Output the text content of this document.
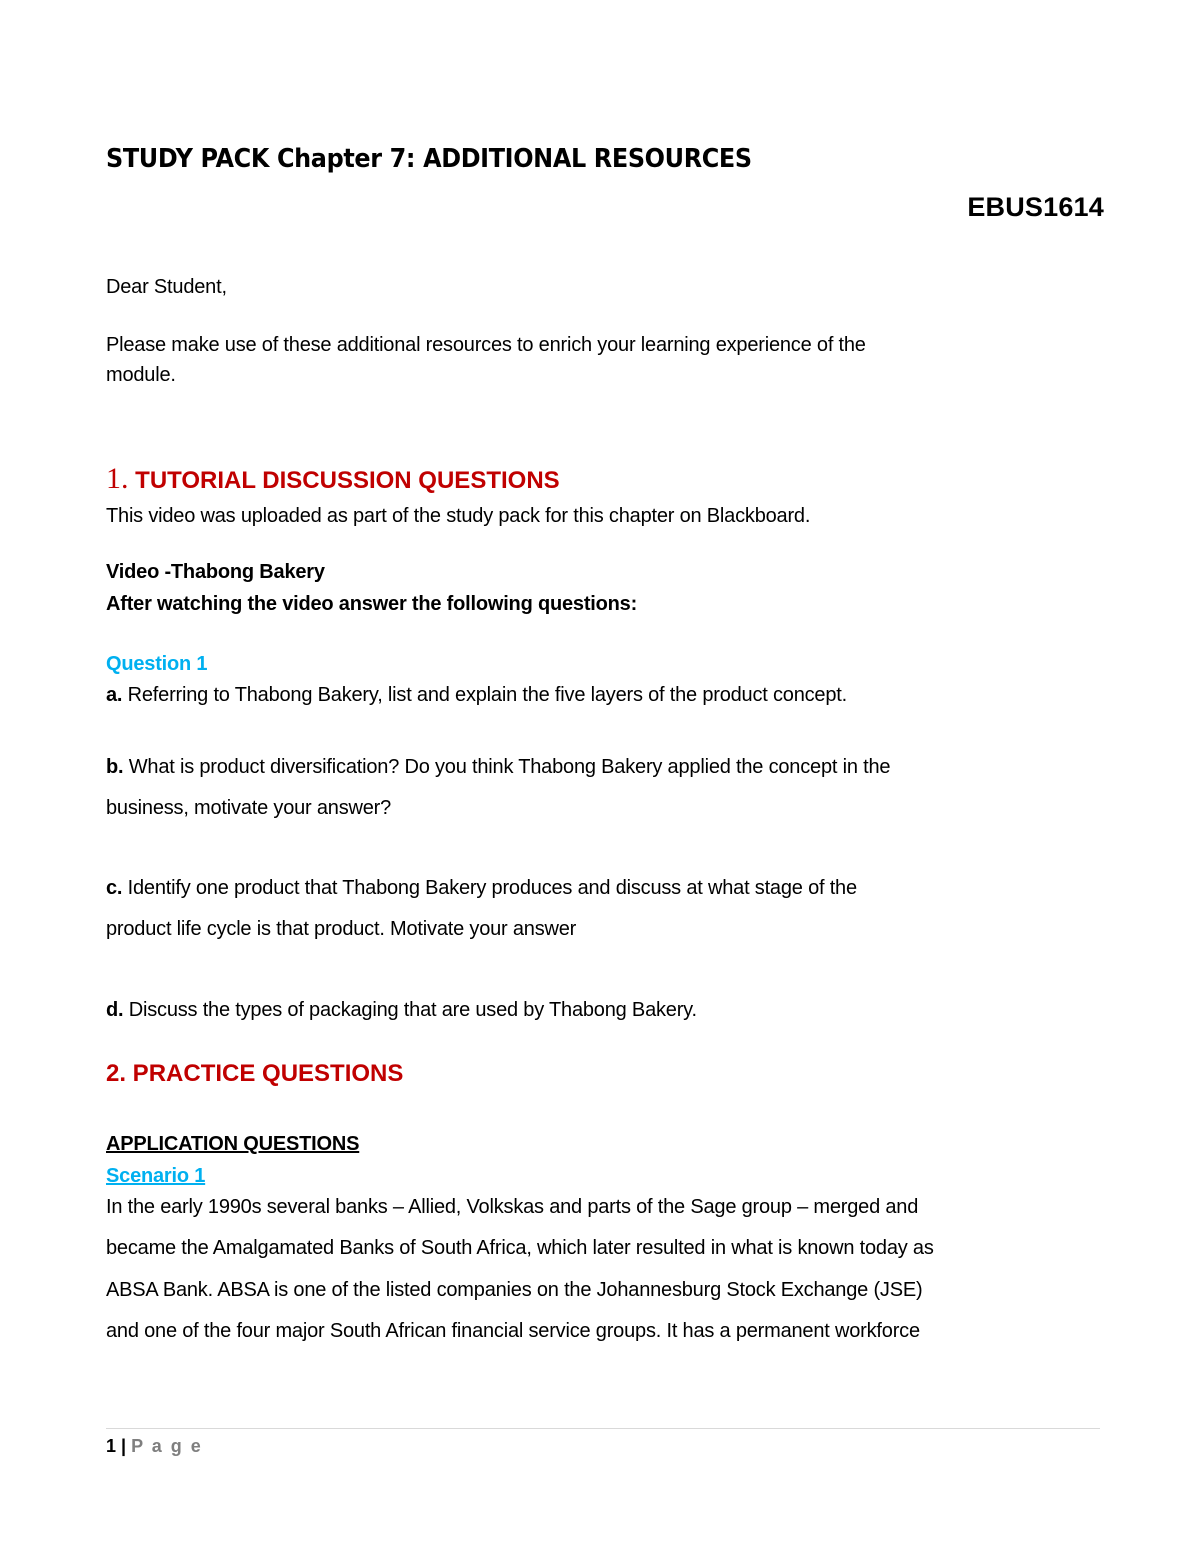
STUDY PACK Chapter 7: ADDITIONAL RESOURCES
EBUS1614

Dear Student,

Please make use of these additional resources to enrich your learning experience of the

module.

1. TUTORIAL DISCUSSION QUESTIONS

This video was uploaded as part of the study pack for this chapter on Blackboard.

Video -Thabong Bakery

After watching the video answer the following questions:

Question 1

a. Referring to Thabong Bakery, list and explain the five layers of the product concept.

b. What is product diversification? Do you think Thabong Bakery applied the concept in the

business, motivate your answer?

c. Identify one product that Thabong Bakery produces and discuss at what stage of the

product life cycle is that product. Motivate your answer

d. Discuss the types of packaging that are used by Thabong Bakery.

2. PRACTICE QUESTIONS

APPLICATION QUESTIONS

Scenario 1

In the early 1990s several banks – Allied, Volkskas and parts of the Sage group – merged and

became the Amalgamated Banks of South Africa, which later resulted in what is known today as

ABSA Bank. ABSA is one of the listed companies on the Johannesburg Stock Exchange (JSE)

and one of the four major South African financial service groups. It has a permanent workforce

1 | P a g e
